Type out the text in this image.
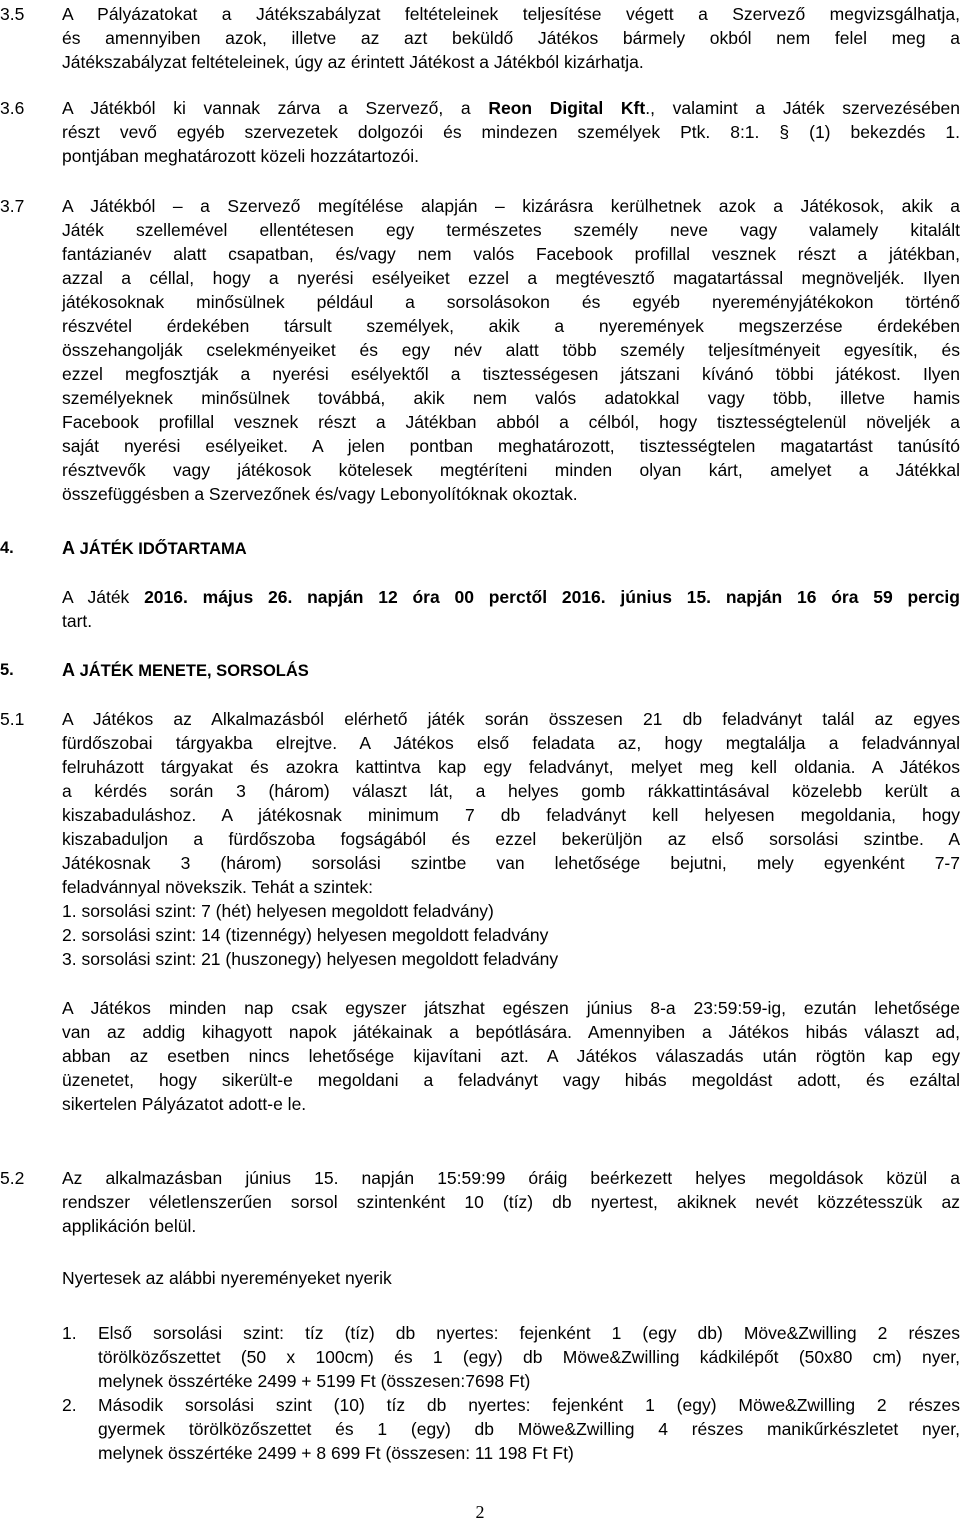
3.5	A Pályázatokat a Játékszabályzat feltételeinek teljesítése végett a Szervező megvizsgálhatja,
és amennyiben azok, illetve az azt beküldő Játékos bármely okból nem felel meg a
Játékszabályzat feltételeinek, úgy az érintett Játékost a Játékból kizárhatja.
3.6	A Játékból ki vannak zárva a Szervező, a Reon Digital Kft., valamint a Játék szervezésében
részt vevő egyéb szervezetek dolgozói és mindezen személyek Ptk. 8:1. § (1) bekezdés 1.
pontjában meghatározott közeli hozzátartozói.
3.7	A Játékból – a Szervező megítélése alapján – kizárásra kerülhetnek azok a Játékosok, akik a
Játék szellemével ellentétesen egy természetes személy neve vagy valamely kitalált
fantázianév alatt csapatban, és/vagy nem valós Facebook profillal vesznek részt a játékban,
azzal a céllal, hogy a nyerési esélyeiket ezzel a megtévesztő magatartással megnöveljék. Ilyen
játékosoknak minősülnek például a sorsolásokon és egyéb nyereményjátékokon történő
részvétel érdekében társult személyek, akik a nyeremények megszerzése érdekében
összehangolják cselekményeiket és egy név alatt több személy teljesítményeit egyesítik, és
ezzel megfosztják a nyerési esélyektől a tisztességesen játszani kívánó többi játékost. Ilyen
személyeknek minősülnek továbbá, akik nem valós adatokkal vagy több, illetve hamis
Facebook profillal vesznek részt a Játékban abból a célból, hogy tisztességtelenül növeljék a
saját nyerési esélyeiket. A jelen pontban meghatározott, tisztességtelen magatartást tanúsító
résztvevők vagy játékosok kötelesek megtéríteni minden olyan kárt, amelyet a Játékkal
összefüggésben a Szervezőnek és/vagy Lebonyolítóknak okoztak.
4.	A JÁTÉK IDŐTARTAMA
A Játék 2016. május 26. napján 12 óra 00 perctől 2016. június 15. napján 16 óra 59 percig
tart.
5.	A JÁTÉK MENETE, SORSOLÁS
5.1	A Játékos az Alkalmazásból elérhető játék során összesen 21 db feladványt talál az egyes
fürdőszobai tárgyakba elrejtve. A Játékos első feladata az, hogy megtalálja a feladvánnyal
felruházott tárgyakat és azokra kattintva kap egy feladványt, melyet meg kell oldania. A Játékos
a kérdés során 3 (három) választ lát, a helyes gomb rákkattintásával közelebb került a
kiszabaduláshoz. A játékosnak minimum 7 db feladványt kell helyesen megoldania, hogy
kiszabaduljon a fürdőszoba fogságából és ezzel bekerüljön az első sorsolási szintbe. A
Játékosnak 3 (három) sorsolási szintbe van lehetősége bejutni, mely egyenként 7-7
feladvánnyal növekszik. Tehát a szintek:
1. sorsolási szint: 7 (hét) helyesen megoldott feladvány)
2. sorsolási szint: 14 (tizennégy) helyesen megoldott feladvány
3. sorsolási szint: 21 (huszonegy) helyesen megoldott feladvány
A Játékos minden nap csak egyszer játszhat egészen június 8-a 23:59:59-ig, ezután lehetősége
van az addig kihagyott napok játékainak a bepótlására. Amennyiben a Játékos hibás választ ad,
abban az esetben nincs lehetősége kijavítani azt. A Játékos válaszadás után rögtön kap egy
üzenetet, hogy sikerült-e megoldani a feladványt vagy hibás megoldást adott, és ezáltal
sikertelen Pályázatot adott-e le.
5.2	Az alkalmazásban június 15. napján 15:59:99 óráig beérkezett helyes megoldások közül a
rendszer véletlenszerűen sorsol szintenként 10 (tíz) db nyertest, akiknek nevét közzétesszük az
applikáción belül.
Nyertesek az alábbi nyereményeket nyerik
1.	Első sorsolási szint: tíz (tíz) db nyertes: fejenként 1 (egy db) Möve&Zwilling 2 részes
törölközőszettet (50 x 100cm) és 1 (egy) db Möwe&Zwilling kádkilépőt (50x80 cm) nyer,
melynek összértéke 2499 + 5199 Ft (összesen:7698 Ft)
2.	Második sorsolási szint (10) tíz db nyertes: fejenként 1 (egy) Möwe&Zwilling 2 részes
gyermek törölközőszettet és 1 (egy) db Möwe&Zwilling 4 részes manikűrkészletet nyer,
melynek összértéke 2499 + 8 699 Ft (összesen: 11 198 Ft Ft)
2
